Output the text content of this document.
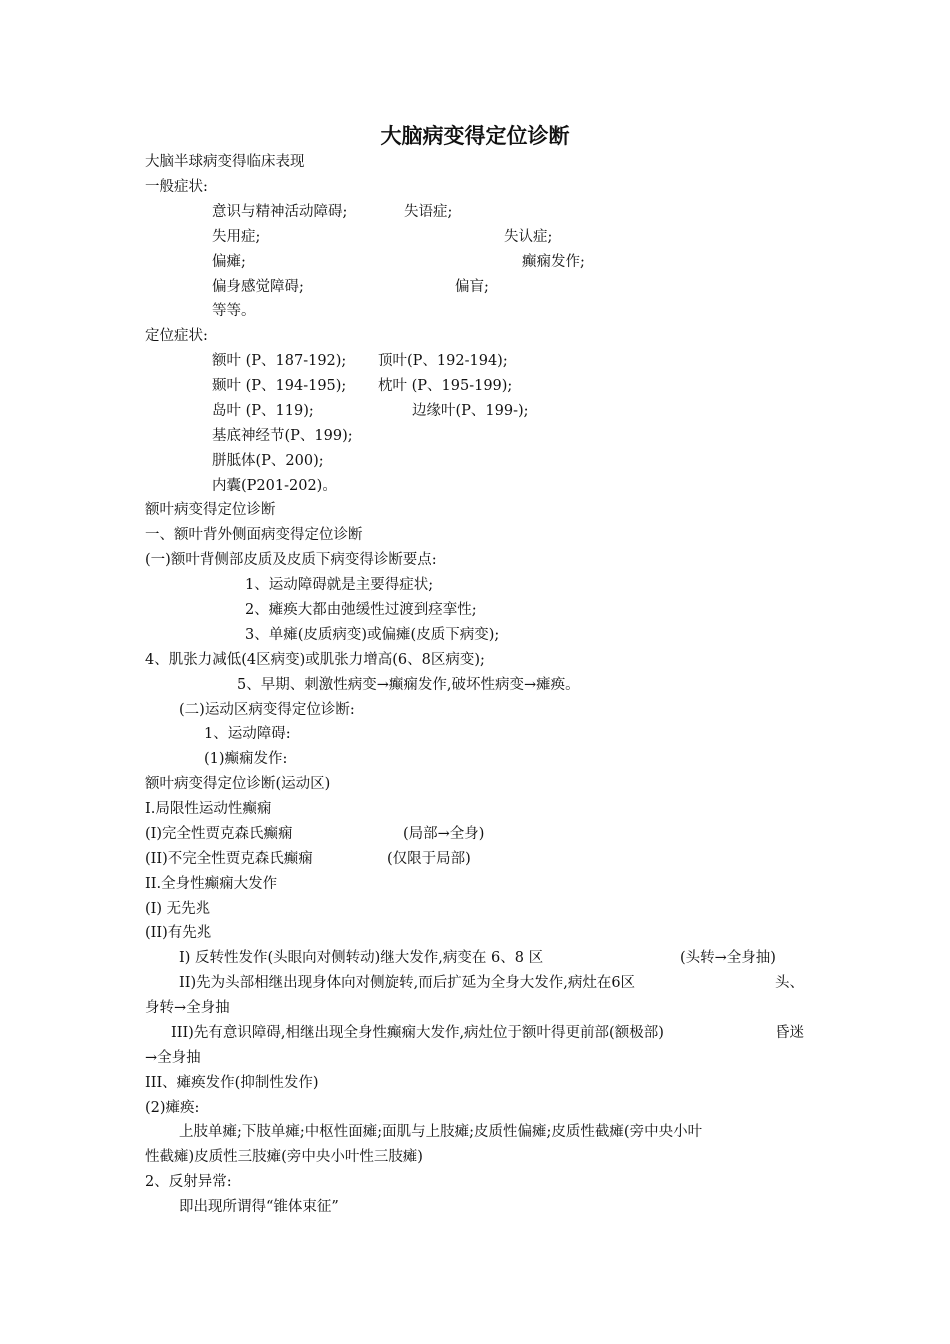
大脑病变得定位诊断
大脑半球病变得临床表现
一般症状:
意识与精神活动障碍;	失语症;
失用症;	失认症;
偏瘫;	癫痫发作;
偏身感觉障碍;	偏盲;
等等。
定位症状:
额叶 (P、187-192); 顶叶(P、192-194);
颞叶 (P、194-195); 枕叶 (P、195-199);
岛叶 (P、119);	边缘叶(P、199-);
基底神经节(P、199);
胼胝体(P、200);
内囊(P201-202)。
额叶病变得定位诊断
一、额叶背外侧面病变得定位诊断
(一)额叶背侧部皮质及皮质下病变得诊断要点:
1、运动障碍就是主要得症状;
2、瘫痪大都由弛缓性过渡到痉挛性;
3、单瘫(皮质病变)或偏瘫(皮质下病变);
4、肌张力减低(4区病变)或肌张力增高(6、8区病变);
5、早期、刺激性病变→癫痫发作,破坏性病变→瘫痪。
(二)运动区病变得定位诊断:
1、运动障碍:
(1)癫痫发作:
额叶病变得定位诊断(运动区)
I.局限性运动性癫痫
(I)完全性贾克森氏癫痫	(局部→全身)
(II)不完全性贾克森氏癫痫	(仅限于局部)
II.全身性癫痫大发作
(I) 无先兆
(II)有先兆
I) 反转性发作(头眼向对侧转动)继大发作,病变在 6、8 区	(头转→全身抽)
II)先为头部相继出现身体向对侧旋转,而后扩延为全身大发作,病灶在6区	头、
身转→全身抽
III)先有意识障碍,相继出现全身性癫痫大发作,病灶位于额叶得更前部(额极部)	昏迷
→全身抽
III、瘫痪发作(抑制性发作)
(2)瘫痪:
上肢单瘫;下肢单瘫;中枢性面瘫;面肌与上肢瘫;皮质性偏瘫;皮质性截瘫(旁中央小叶
性截瘫)皮质性三肢瘫(旁中央小叶性三肢瘫)
2、反射异常:
即出现所谓得“锥体束征”
